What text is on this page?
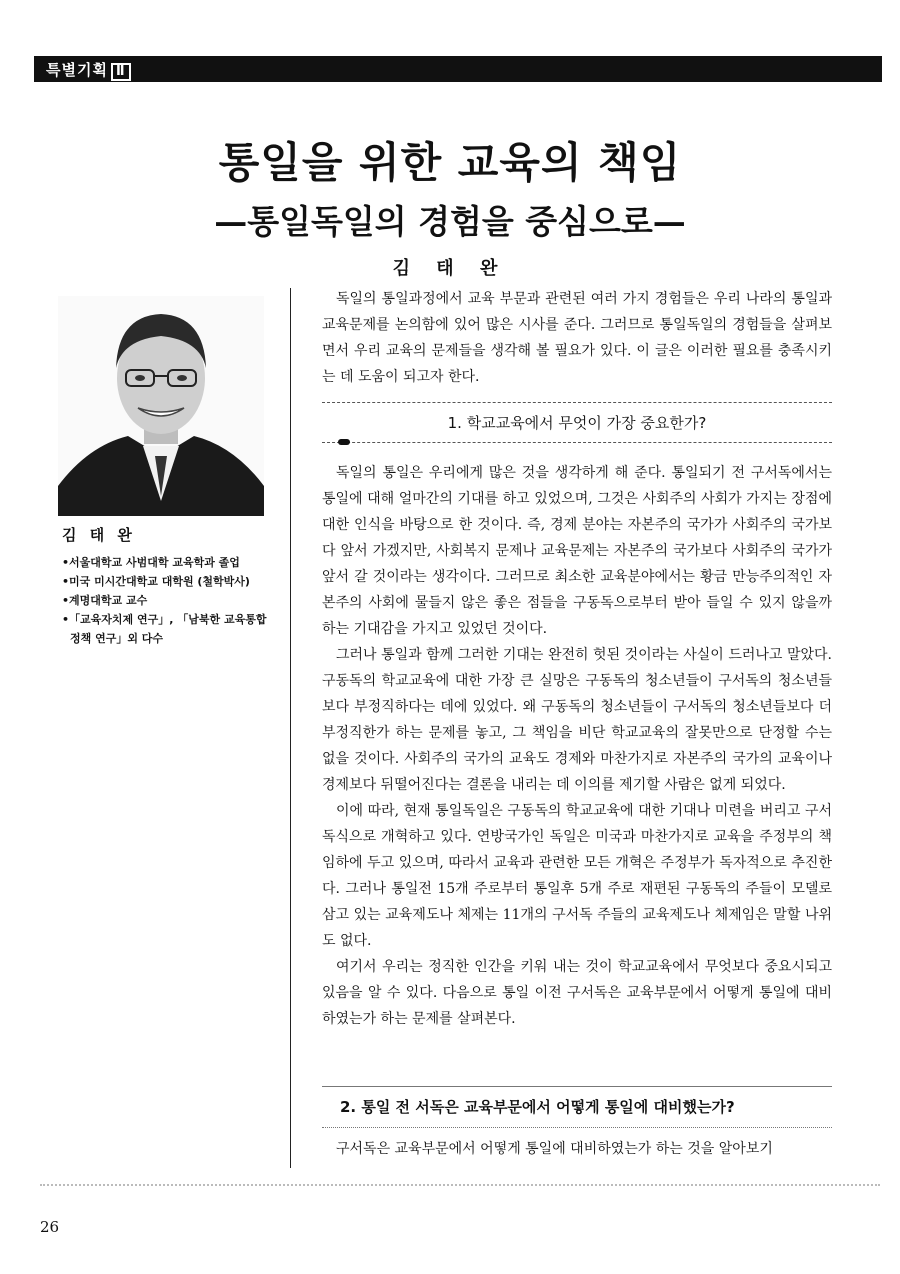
특별기획 Ⅱ
통일을 위한 교육의 책임
—통일독일의 경험을 중심으로—
김 태 완

김 태 완

•서울대학교 사범대학 교육학과 졸업
•미국 미시간대학교 대학원 (철학박사)
•계명대학교 교수
•「교육자치제 연구」, 「남북한 교육통합 정책 연구」외 다수

독일의 통일과정에서 교육 부문과 관련된 여러 가지 경험들은 우리 나라의 통일과 교육문제를 논의함에 있어 많은 시사를 준다. 그러므로 통일독일의 경험들을 살펴보면서 우리 교육의 문제들을 생각해 볼 필요가 있다. 이 글은 이러한 필요를 충족시키는 데 도움이 되고자 한다.

1. 학교교육에서 무엇이 가장 중요한가?

독일의 통일은 우리에게 많은 것을 생각하게 해 준다. 통일되기 전 구서독에서는 통일에 대해 얼마간의 기대를 하고 있었으며, 그것은 사회주의 사회가 가지는 장점에 대한 인식을 바탕으로 한 것이다. 즉, 경제 분야는 자본주의 국가가 사회주의 국가보다 앞서 가겠지만, 사회복지 문제나 교육문제는 자본주의 국가보다 사회주의 국가가 앞서 갈 것이라는 생각이다. 그러므로 최소한 교육분야에서는 황금 만능주의적인 자본주의 사회에 물들지 않은 좋은 점들을 구동독으로부터 받아 들일 수 있지 않을까 하는 기대감을 가지고 있었던 것이다.

그러나 통일과 함께 그러한 기대는 완전히 헛된 것이라는 사실이 드러나고 말았다. 구동독의 학교교육에 대한 가장 큰 실망은 구동독의 청소년들이 구서독의 청소년들보다 부정직하다는 데에 있었다. 왜 구동독의 청소년들이 구서독의 청소년들보다 더 부정직한가 하는 문제를 놓고, 그 책임을 비단 학교교육의 잘못만으로 단정할 수는 없을 것이다. 사회주의 국가의 교육도 경제와 마찬가지로 자본주의 국가의 교육이나 경제보다 뒤떨어진다는 결론을 내리는 데 이의를 제기할 사람은 없게 되었다.

이에 따라, 현재 통일독일은 구동독의 학교교육에 대한 기대나 미련을 버리고 구서독식으로 개혁하고 있다. 연방국가인 독일은 미국과 마찬가지로 교육을 주정부의 책임하에 두고 있으며, 따라서 교육과 관련한 모든 개혁은 주정부가 독자적으로 추진한다. 그러나 통일전 15개 주로부터 통일후 5개 주로 재편된 구동독의 주들이 모델로 삼고 있는 교육제도나 체제는 11개의 구서독 주들의 교육제도나 체제임은 말할 나위도 없다.

여기서 우리는 정직한 인간을 키워 내는 것이 학교교육에서 무엇보다 중요시되고 있음을 알 수 있다. 다음으로 통일 이전 구서독은 교육부문에서 어떻게 통일에 대비하였는가 하는 문제를 살펴본다.

2. 통일 전 서독은 교육부문에서 어떻게 통일에 대비했는가?

구서독은 교육부문에서 어떻게 통일에 대비하였는가 하는 것을 알아보기

26
